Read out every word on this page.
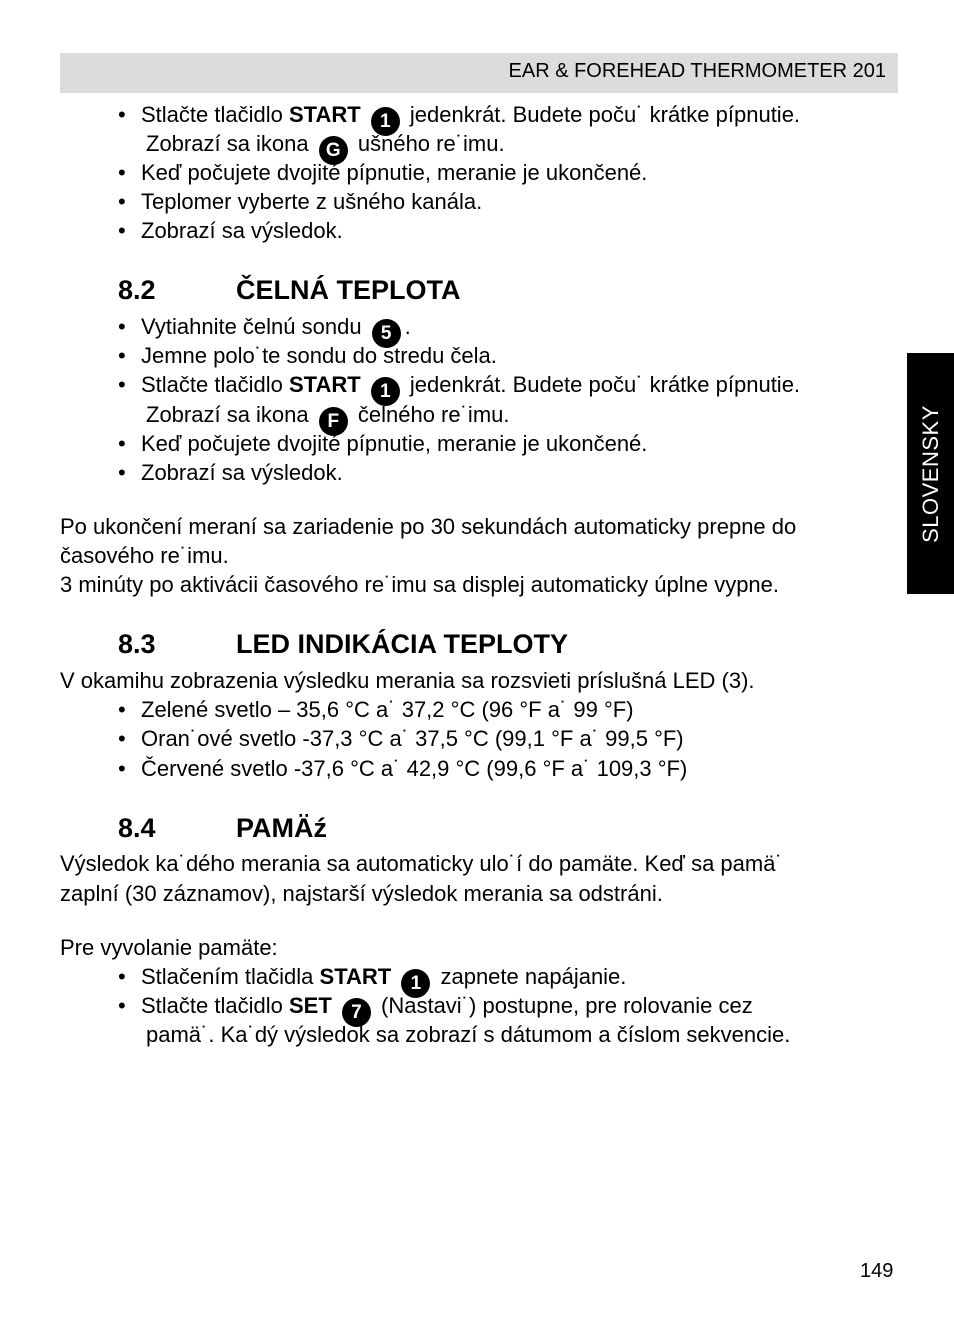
EAR & FOREHEAD THERMOMETER 201
SLOVENSKY
• Stlačte tlačidlo START 1 jedenkrát. Budete poču˙ krátke pípnutie.
Zobrazí sa ikona G ušného re˙imu.
• Keď počujete dvojité pípnutie, meranie je ukončené.
• Teplomer vyberte z ušného kanála.
• Zobrazí sa výsledok.
8.2	ČELNÁ TEPLOTA
• Vytiahnite čelnú sondu 5 .
• Jemne polo˙te sondu do stredu čela.
• Stlačte tlačidlo START 1 jedenkrát. Budete poču˙ krátke pípnutie.
Zobrazí sa ikona F čelného re˙imu.
• Keď počujete dvojité pípnutie, meranie je ukončené.
• Zobrazí sa výsledok.
Po ukončení meraní sa zariadenie po 30 sekundách automaticky prepne do
časového re˙imu.
3 minúty po aktivácii časového re˙imu sa displej automaticky úplne vypne.
8.3	LED INDIKÁCIA TEPLOTY
V okamihu zobrazenia výsledku merania sa rozsvieti príslušná LED (3).
• Zelené svetlo – 35,6 °C a˙ 37,2 °C (96 °F a˙ 99 °F)
• Oran˙ové svetlo -37,3 °C a˙ 37,5 °C (99,1 °F a˙ 99,5 °F)
• Červené svetlo -37,6 °C a˙ 42,9 °C (99,6 °F a˙ 109,3 °F)
8.4	PAMÄź
Výsledok ka˙dého merania sa automaticky ulo˙í do pamäte. Keď sa pamä˙
zaplní (30 záznamov), najstarší výsledok merania sa odstráni.
Pre vyvolanie pamäte:
• Stlačením tlačidla START 1 zapnete napájanie.
• Stlačte tlačidlo SET 7 (Nastavi˙) postupne, pre rolovanie cez
pamä˙. Ka˙dý výsledok sa zobrazí s dátumom a číslom sekvencie.
149
